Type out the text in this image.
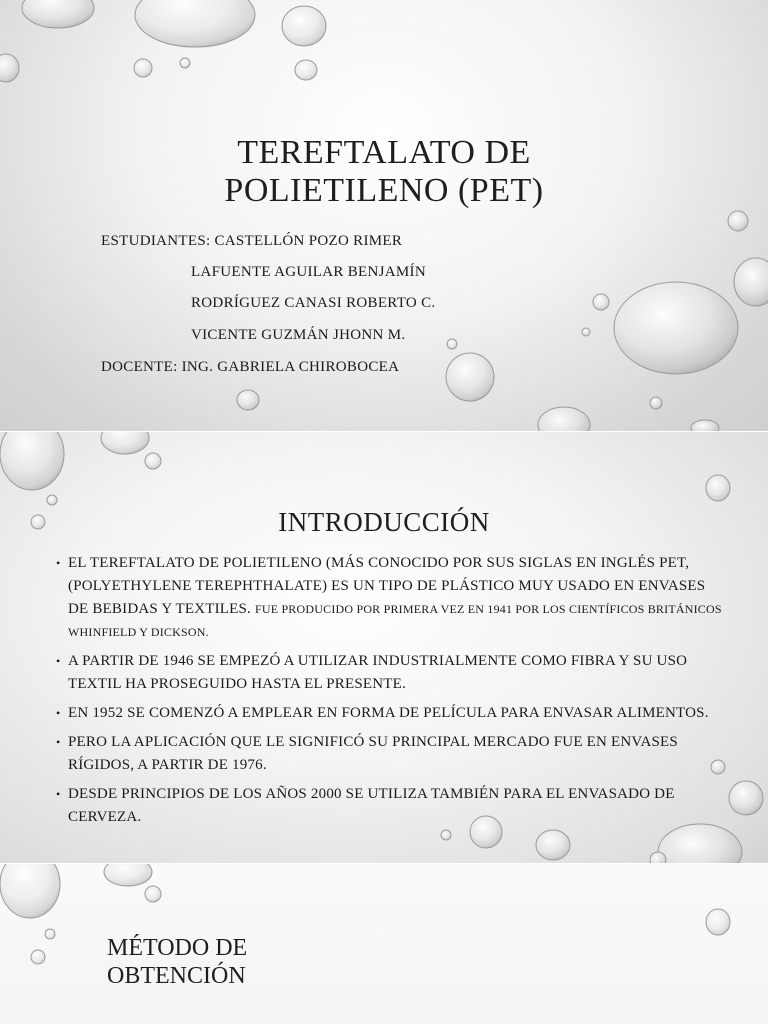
TEREFTALATO DE
POLIETILENO (PET)
ESTUDIANTES: CASTELLÓN POZO RIMER
LAFUENTE AGUILAR BENJAMÍN
RODRÍGUEZ CANASI ROBERTO C.
VICENTE GUZMÁN JHONN M.
DOCENTE: ING. GABRIELA CHIROBOCEA
INTRODUCCIÓN
• EL TEREFTALATO DE POLIETILENO (MÁS CONOCIDO POR SUS SIGLAS EN INGLÉS PET, (POLYETHYLENE TEREPHTHALATE) ES UN TIPO DE PLÁSTICO MUY USADO EN ENVASES DE BEBIDAS Y TEXTILES. FUE PRODUCIDO POR PRIMERA VEZ EN 1941 POR LOS CIENTÍFICOS BRITÁNICOS WHINFIELD Y DICKSON.
• A PARTIR DE 1946 SE EMPEZÓ A UTILIZAR INDUSTRIALMENTE COMO FIBRA Y SU USO TEXTIL HA PROSEGUIDO HASTA EL PRESENTE.
• EN 1952 SE COMENZÓ A EMPLEAR EN FORMA DE PELÍCULA PARA ENVASAR ALIMENTOS.
• PERO LA APLICACIÓN QUE LE SIGNIFICÓ SU PRINCIPAL MERCADO FUE EN ENVASES RÍGIDOS, A PARTIR DE 1976.
• DESDE PRINCIPIOS DE LOS AÑOS 2000 SE UTILIZA TAMBIÉN PARA EL ENVASADO DE CERVEZA.
MÉTODO DE
OBTENCIÓN
